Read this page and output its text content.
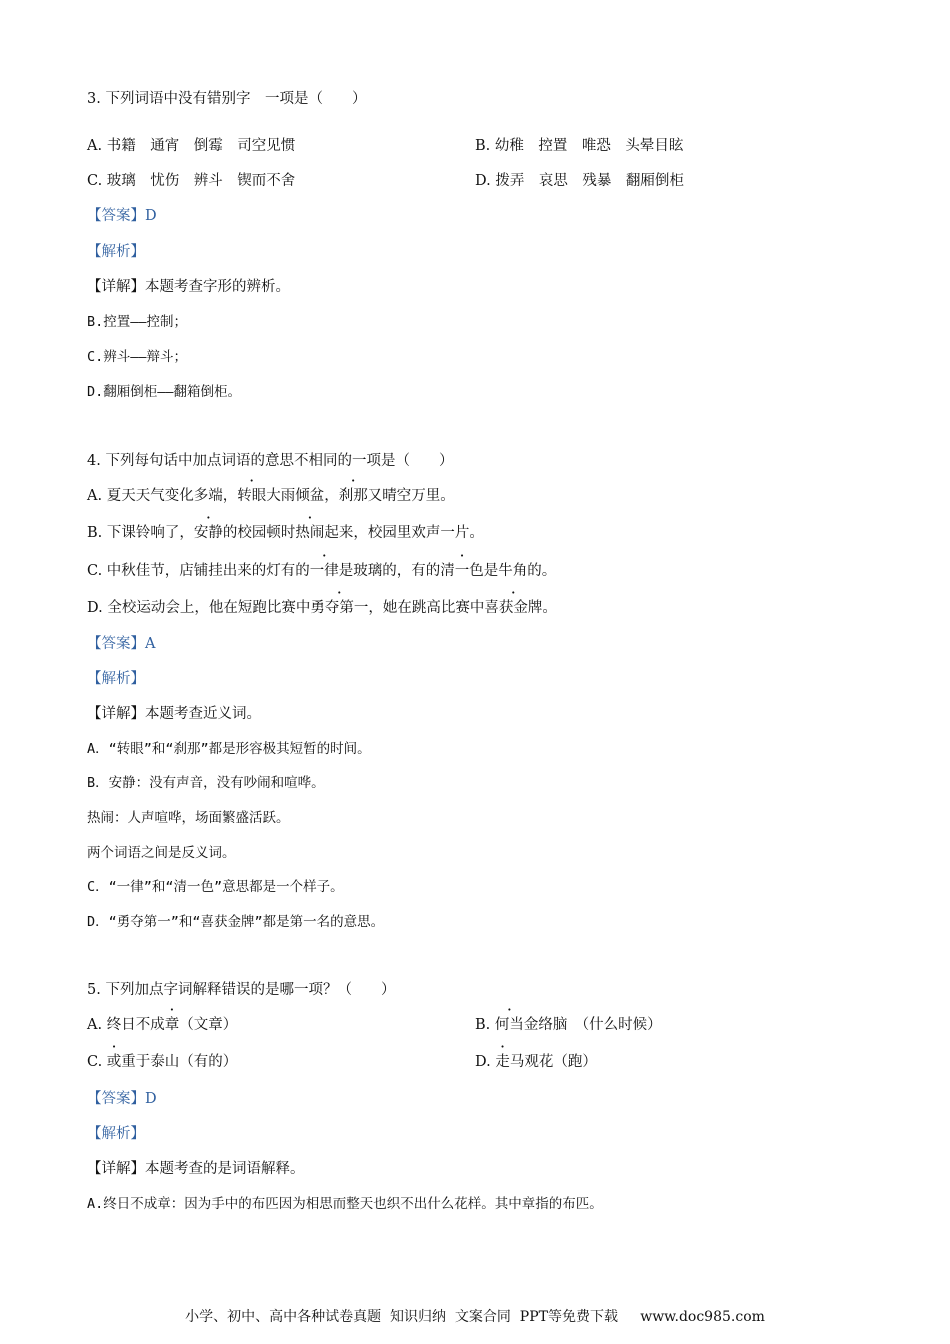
3. 下列词语中没有错别字　一项是（　　）
A. 书籍　通宵　倒霉　司空见惯	B. 幼稚　控置　唯恐　头晕目眩
C. 玻璃　忧伤　辨斗　锲而不舍	D. 拨弄　哀思　残暴　翻厢倒柜
【答案】D
【解析】
【详解】本题考查字形的辨析。
B.控置——控制；
C.辨斗——辩斗；
D.翻厢倒柜——翻箱倒柜。
4. 下列每句话中加点词语的意思不相同的一项是（　　）
A. 夏天天气变化多端，转眼大雨倾盆，刹那又晴空万里。
B. 下课铃响了，安静的校园顿时热闹起来，校园里欢声一片。
C. 中秋佳节，店铺挂出来的灯有的一律是玻璃的，有的清一色是牛角的。
D. 全校运动会上，他在短跑比赛中勇夺第一，她在跳高比赛中喜获金牌。
【答案】A
【解析】
【详解】本题考查近义词。
A．“转眼”和“刹那”都是形容极其短暂的时间。
B．安静：没有声音，没有吵闹和喧哗。
热闹：人声喧哗，场面繁盛活跃。
两个词语之间是反义词。
C．“一律”和“清一色”意思都是一个样子。
D．“勇夺第一”和“喜获金牌”都是第一名的意思。
5. 下列加点字词解释错误的是哪一项？（　　）
A. 终日不成章（文章）	B. 何当金络脑　（什么时候）
C. 或重于泰山（有的）	D. 走马观花（跑）
【答案】D
【解析】
【详解】本题考查的是词语解释。
A.终日不成章：因为手中的布匹因为相思而整天也织不出什么花样。其中章指的布匹。
小学、初中、高中各种试卷真题  知识归纳  文案合同  PPT等免费下载     www.doc985.com
